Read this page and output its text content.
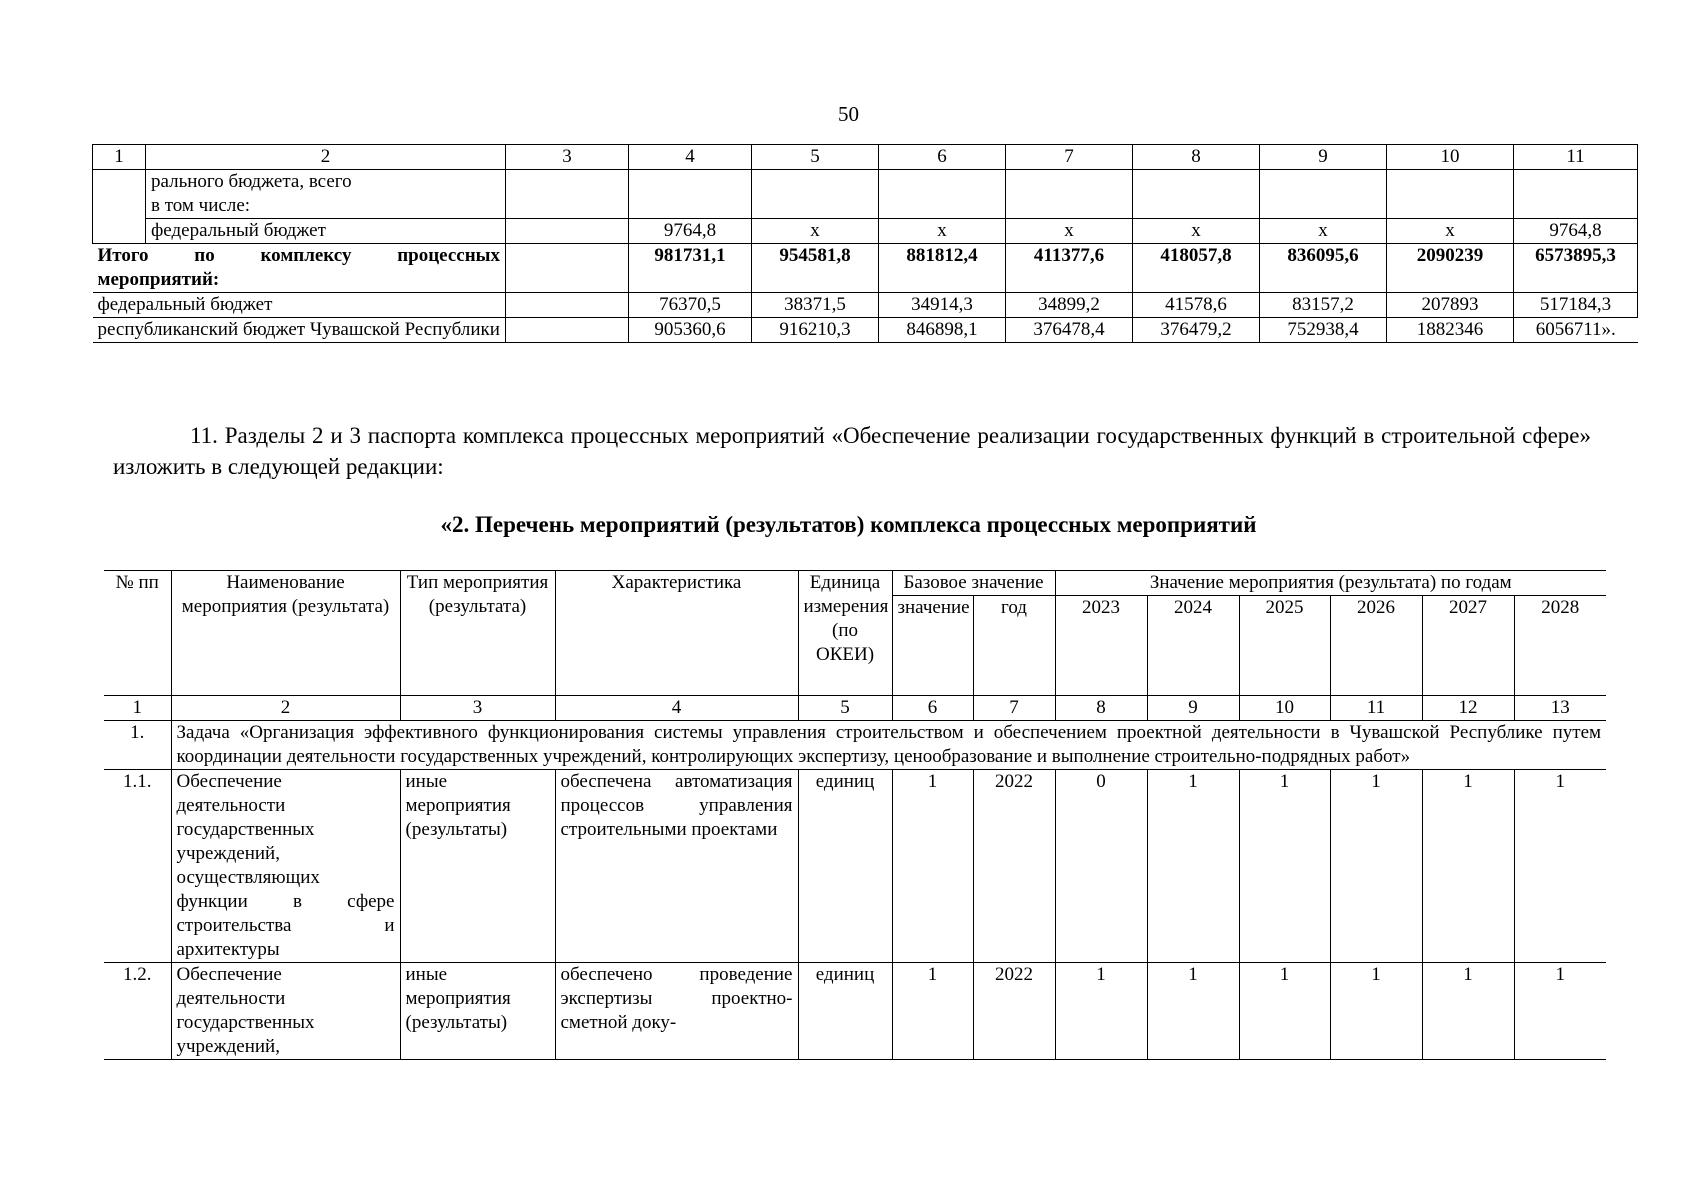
50
1	2	3	4	5	6	7	8	9	10	11

	рального бюджета, всего
в том числе:									

	федеральный бюджет		9764,8	x	x	x	x	x	x	9764,8
Итого по комплексу процессных мероприятий:			981731,1	954581,8	881812,4	411377,6	418057,8	836095,6	2090239	6573895,3
федеральный бюджет			76370,5	38371,5	34914,3	34899,2	41578,6	83157,2	207893	517184,3
республиканский бюджет Чувашской Республики			905360,6	916210,3	846898,1	376478,4	376479,2	752938,4	1882346	6056711».
11. Разделы 2 и 3 паспорта комплекса процессных мероприятий «Обеспечение реализации государственных функций в строительной сфере» изложить в следующей редакции:
«2. Перечень мероприятий (результатов) комплекса процессных мероприятий
№ пп	Наименование мероприятия (результата)	Тип мероприятия (результата)	Характеристика	Единица измерения (по ОКЕИ)	Базовое значение		Значение мероприятия (результата) по годам					
					значение	год	2023	2024	2025	2026	2027	2028
1	2	3	4	5	6	7	8	9	10	11	12	13
1.	Задача «Организация эффективного функционирования системы управления строительством и обеспечением проектной деятельности в Чувашской Республике путем координации деятельности государственных учреждений, контролирующих экспертизу, ценообразование и выполнение строительно-подрядных работ»											
1.1.	Обеспечение деятельности государственных учреждений, осуществляющих функции в сфере строительства и архитектуры	иные мероприятия (результаты)	обеспечена автоматизация процессов управления строительными проектами	единиц	1	2022	0	1	1	1	1	1
1.2.	Обеспечение деятельности государственных учреждений,	иные мероприятия (результаты)	обеспечено проведение экспертизы проектно-сметной доку-	единиц	1	2022	1	1	1	1	1	1
